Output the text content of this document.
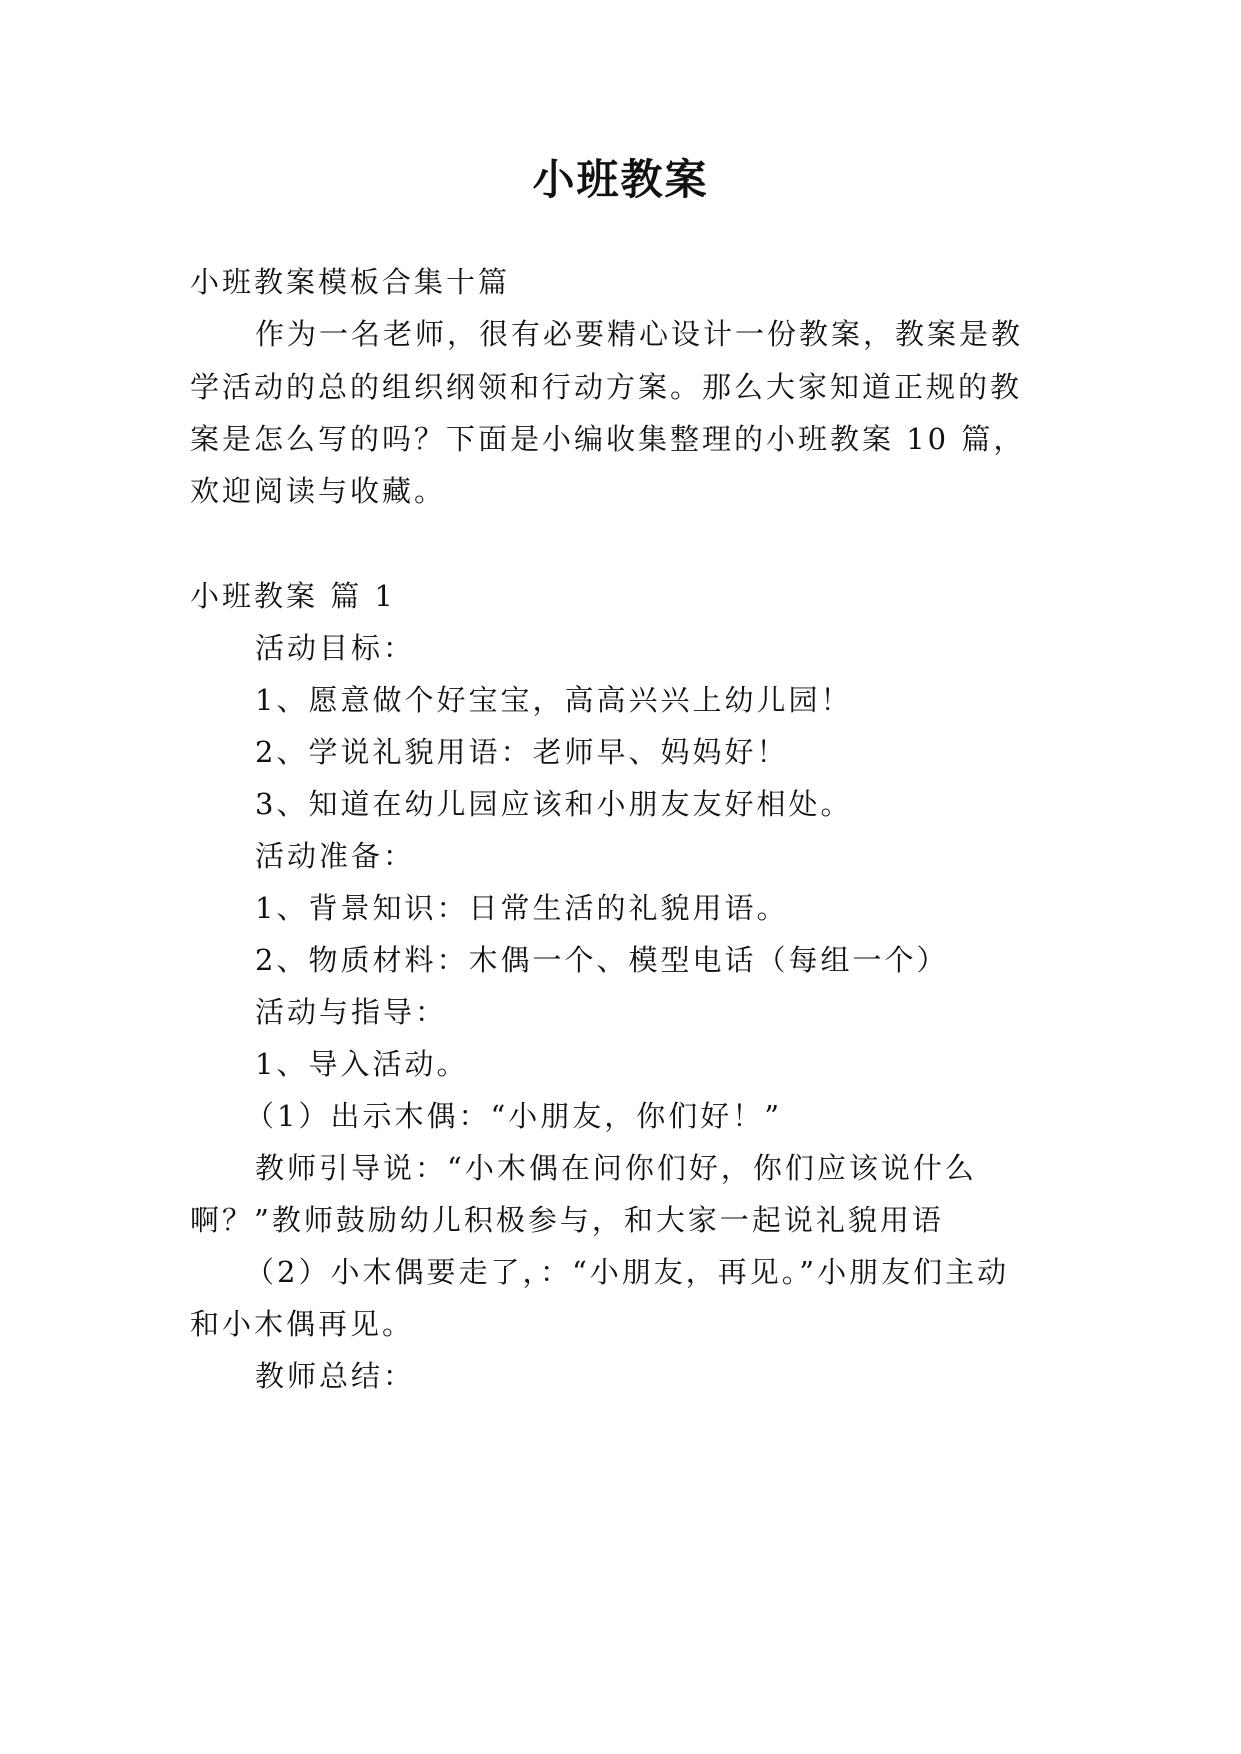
小班教案
小班教案模板合集十篇
作为一名老师，很有必要精心设计一份教案，教案是教
学活动的总的组织纲领和行动方案。那么大家知道正规的教
案是怎么写的吗？下面是小编收集整理的小班教案 10 篇，
欢迎阅读与收藏。
小班教案 篇 1
活动目标：
1、愿意做个好宝宝，高高兴兴上幼儿园！
2、学说礼貌用语：老师早、妈妈好！
3、知道在幼儿园应该和小朋友友好相处。
活动准备：
1、背景知识：日常生活的礼貌用语。
2、物质材料：木偶一个、模型电话（每组一个）
活动与指导：
1、导入活动。
（1）出示木偶：“小朋友，你们好！”
教师引导说：“小木偶在问你们好，你们应该说什么
啊？”教师鼓励幼儿积极参与，和大家一起说礼貌用语
（2）小木偶要走了，：“小朋友，再见。”小朋友们主动
和小木偶再见。
教师总结：
